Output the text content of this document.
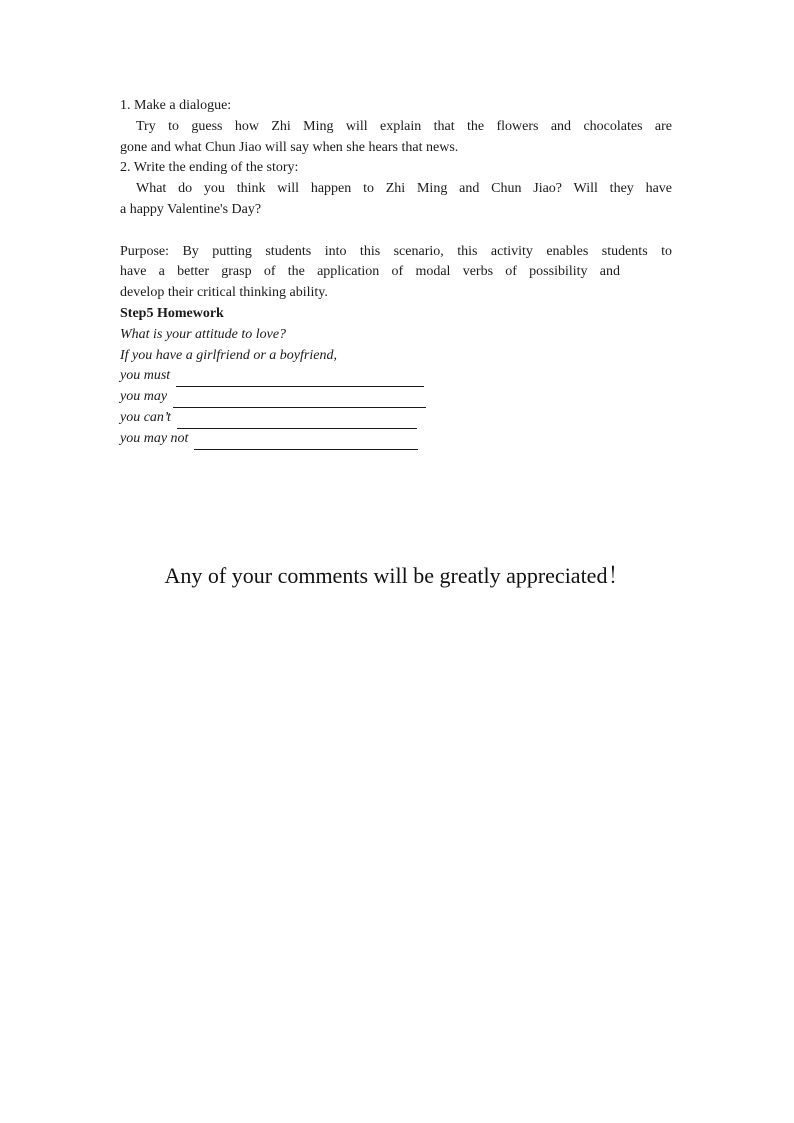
1. Make a dialogue:
Try to guess how Zhi Ming will explain that the flowers and chocolates are
gone and what Chun Jiao will say when she hears that news.
2. Write the ending of the story:
What do you think will happen to Zhi Ming and Chun Jiao? Will they have
a happy Valentine's Day?
Purpose: By putting students into this scenario, this activity enables students to
have a better grasp of the application of modal verbs of possibility and
develop their critical thinking ability.
Step5 Homework
What is your attitude to love?
If you have a girlfriend or a boyfriend,
you must
you may
you can’t
you may not
Any of your comments will be greatly appreciated！
